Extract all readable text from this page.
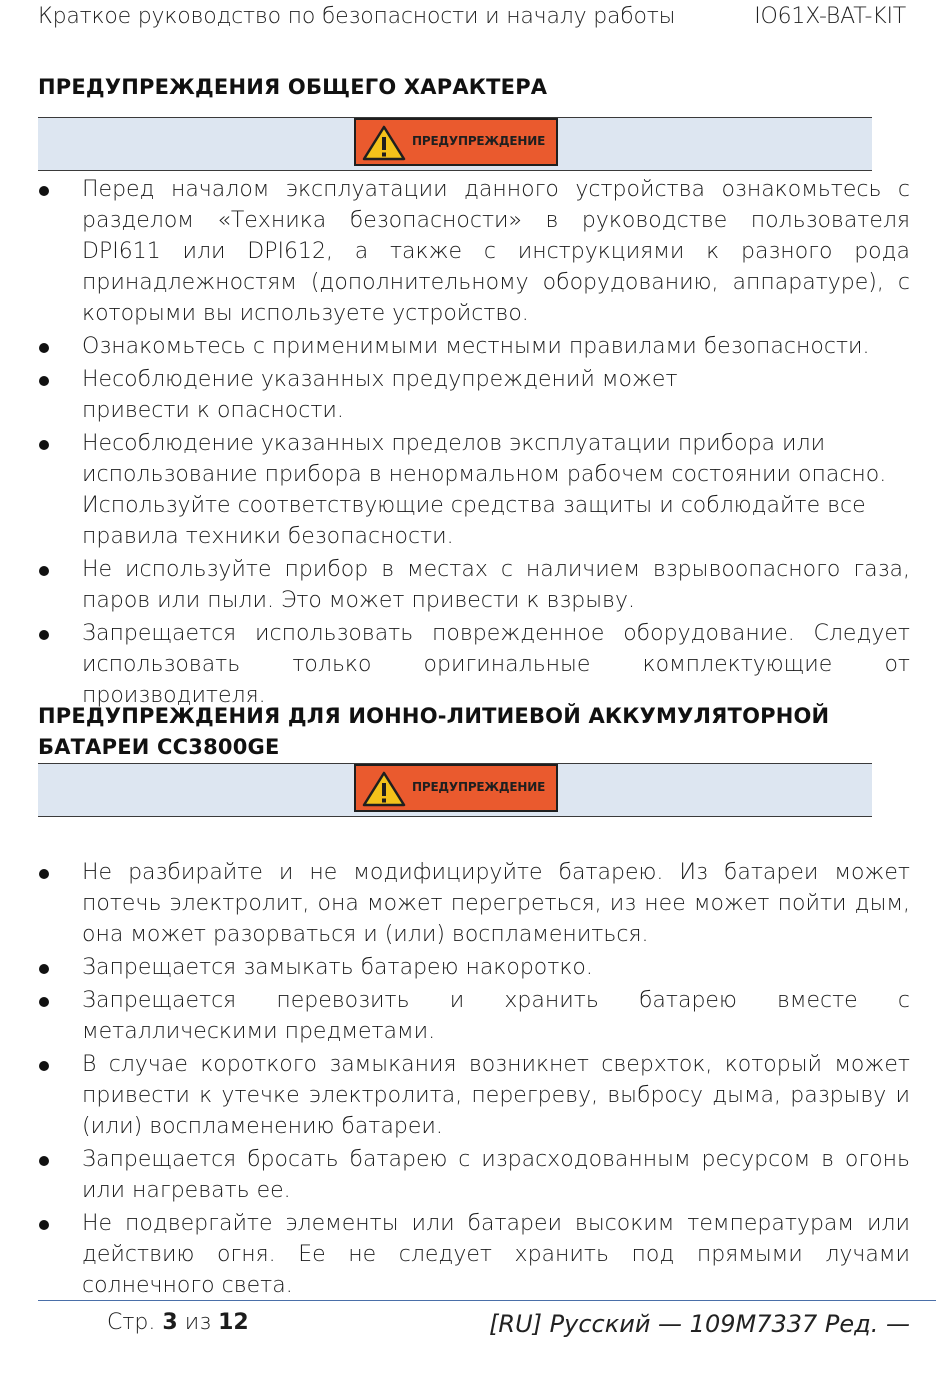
Краткое руководство по безопасности и началу работы	IO61X-BAT-KIT
ПРЕДУПРЕЖДЕНИЯ ОБЩЕГО ХАРАКТЕРА
ПРЕДУПРЕЖДЕНИЕ
Перед началом эксплуатации данного устройства ознакомьтесь с разделом «Техника безопасности» в руководстве пользователя DPI611 или DPI612, а также с инструкциями к разного рода принадлежностям (дополнительному оборудованию, аппаратуре), с которыми вы используете устройство.
Ознакомьтесь с применимыми местными правилами безопасности.
Несоблюдение указанных предупреждений может привести к опасности.
Несоблюдение указанных пределов эксплуатации прибора или использование прибора в ненормальном рабочем состоянии опасно. Используйте соответствующие средства защиты и соблюдайте все правила техники безопасности.
Не используйте прибор в местах с наличием взрывоопасного газа, паров или пыли. Это может привести к взрыву.
Запрещается использовать поврежденное оборудование. Следует использовать только оригинальные комплектующие от производителя.
ПРЕДУПРЕЖДЕНИЯ ДЛЯ ИОННО-ЛИТИЕВОЙ АККУМУЛЯТОРНОЙ
БАТАРЕИ CC3800GE
ПРЕДУПРЕЖДЕНИЕ
Не разбирайте и не модифицируйте батарею. Из батареи может потечь электролит, она может перегреться, из нее может пойти дым, она может разорваться и (или) воспламениться.
Запрещается замыкать батарею накоротко.
Запрещается перевозить и хранить батарею вместе с металлическими предметами.
В случае короткого замыкания возникнет сверхток, который может привести к утечке электролита, перегреву, выбросу дыма, разрыву и (или) воспламенению батареи.
Запрещается бросать батарею с израсходованным ресурсом в огонь или нагревать ее.
Не подвергайте элементы или батареи высоким температурам или действию огня. Ее не следует хранить под прямыми лучами солнечного света.
Стр. 3 из 12	[RU] Русский — 109M7337 Ред. —
